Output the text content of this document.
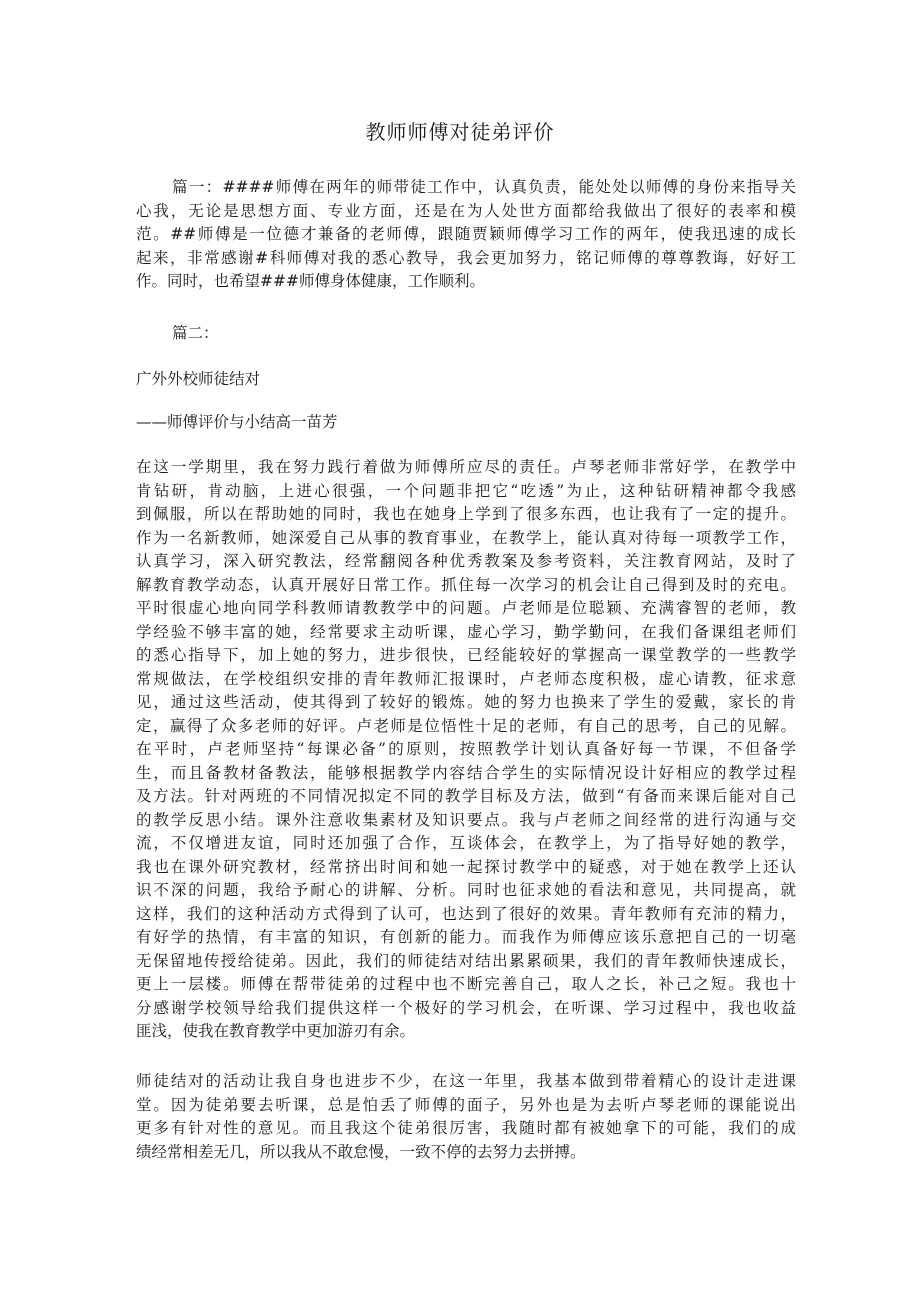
教师师傅对徒弟评价
篇一：####师傅在两年的师带徒工作中，认真负责，能处处以师傅的身份来指导关
心我，无论是思想方面、专业方面，还是在为人处世方面都给我做出了很好的表率和模
范。##师傅是一位德才兼备的老师傅，跟随贾颖师傅学习工作的两年，使我迅速的成长
起来，非常感谢#科师傅对我的悉心教导，我会更加努力，铭记师傅的尊尊教诲，好好工
作。同时，也希望###师傅身体健康，工作顺利。
篇二：
广外外校师徒结对
——师傅评价与小结高一苗芳
在这一学期里，我在努力践行着做为师傅所应尽的责任。卢琴老师非常好学，在教学中
肯钻研，肯动脑，上进心很强，一个问题非把它“吃透”为止，这种钻研精神都令我感
到佩服，所以在帮助她的同时，我也在她身上学到了很多东西，也让我有了一定的提升。
作为一名新教师，她深爱自己从事的教育事业，在教学上，能认真对待每一项教学工作，
认真学习，深入研究教法，经常翻阅各种优秀教案及参考资料，关注教育网站，及时了
解教育教学动态，认真开展好日常工作。抓住每一次学习的机会让自己得到及时的充电。
平时很虚心地向同学科教师请教教学中的问题。卢老师是位聪颖、充满睿智的老师，教
学经验不够丰富的她，经常要求主动听课，虚心学习，勤学勤问，在我们备课组老师们
的悉心指导下，加上她的努力，进步很快，已经能较好的掌握高一课堂教学的一些教学
常规做法，在学校组织安排的青年教师汇报课时，卢老师态度积极，虚心请教，征求意
见，通过这些活动，使其得到了较好的锻炼。她的努力也换来了学生的爱戴，家长的肯
定，赢得了众多老师的好评。卢老师是位悟性十足的老师，有自己的思考，自己的见解。
在平时，卢老师坚持“每课必备”的原则，按照教学计划认真备好每一节课，不但备学
生，而且备教材备教法，能够根据教学内容结合学生的实际情况设计好相应的教学过程
及方法。针对两班的不同情况拟定不同的教学目标及方法，做到“有备而来课后能对自己
的教学反思小结。课外注意收集素材及知识要点。我与卢老师之间经常的进行沟通与交
流，不仅增进友谊，同时还加强了合作，互谈体会，在教学上，为了指导好她的教学，
我也在课外研究教材，经常挤出时间和她一起探讨教学中的疑惑，对于她在教学上还认
识不深的问题，我给予耐心的讲解、分析。同时也征求她的看法和意见，共同提高，就
这样，我们的这种活动方式得到了认可，也达到了很好的效果。青年教师有充沛的精力，
有好学的热情，有丰富的知识，有创新的能力。而我作为师傅应该乐意把自己的一切毫
无保留地传授给徒弟。因此，我们的师徒结对结出累累硕果，我们的青年教师快速成长，
更上一层楼。师傅在帮带徒弟的过程中也不断完善自己，取人之长，补己之短。我也十
分感谢学校领导给我们提供这样一个极好的学习机会，在听课、学习过程中，我也收益
匪浅，使我在教育教学中更加游刃有余。
师徒结对的活动让我自身也进步不少，在这一年里，我基本做到带着精心的设计走进课
堂。因为徒弟要去听课，总是怕丢了师傅的面子，另外也是为去听卢琴老师的课能说出
更多有针对性的意见。而且我这个徒弟很厉害，我随时都有被她拿下的可能，我们的成
绩经常相差无几，所以我从不敢怠慢，一致不停的去努力去拼搏。
